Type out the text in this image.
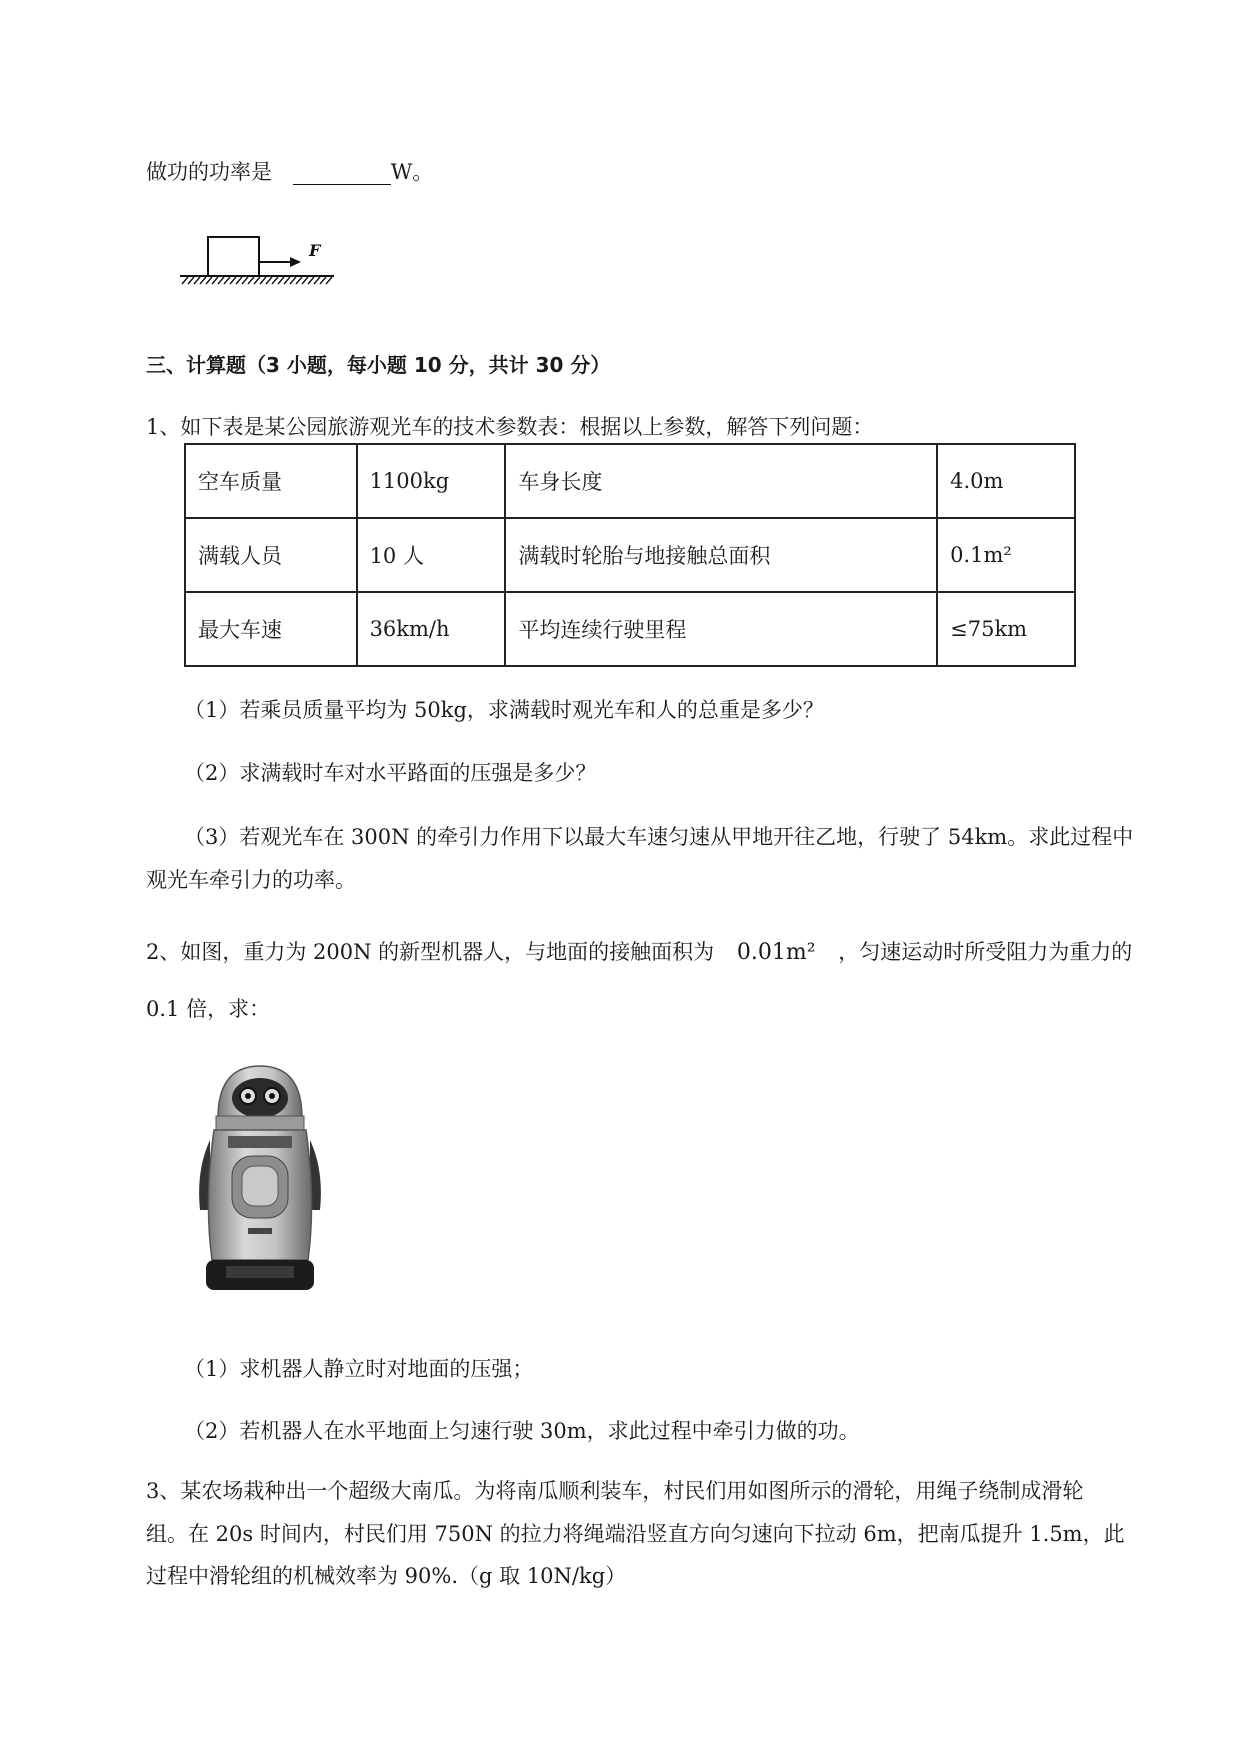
做功的功率是	W。
F
三、计算题（3 小题，每小题 10 分，共计 30 分）
1、如下表是某公园旅游观光车的技术参数表：根据以上参数，解答下列问题：
空车质量	1100kg	车身长度	4.0m
满载人员	10 人	满载时轮胎与地接触总面积	0.1m²
最大车速	36km/h	平均连续行驶里程	≤75km
（1）若乘员质量平均为 50kg，求满载时观光车和人的总重是多少？
（2）求满载时车对水平路面的压强是多少？
（3）若观光车在 300N 的牵引力作用下以最大车速匀速从甲地开往乙地，行驶了 54km。求此过程中
观光车牵引力的功率。
2、如图，重力为 200N 的新型机器人，与地面的接触面积为 0.01m² ，匀速运动时所受阻力为重力的
0.1 倍，求：
（1）求机器人静立时对地面的压强；
（2）若机器人在水平地面上匀速行驶 30m，求此过程中牵引力做的功。
3、某农场栽种出一个超级大南瓜。为将南瓜顺利装车，村民们用如图所示的滑轮，用绳子绕制成滑轮
组。在 20s 时间内，村民们用 750N 的拉力将绳端沿竖直方向匀速向下拉动 6m，把南瓜提升 1.5m，此
过程中滑轮组的机械效率为 90%.（g 取 10N/kg）
